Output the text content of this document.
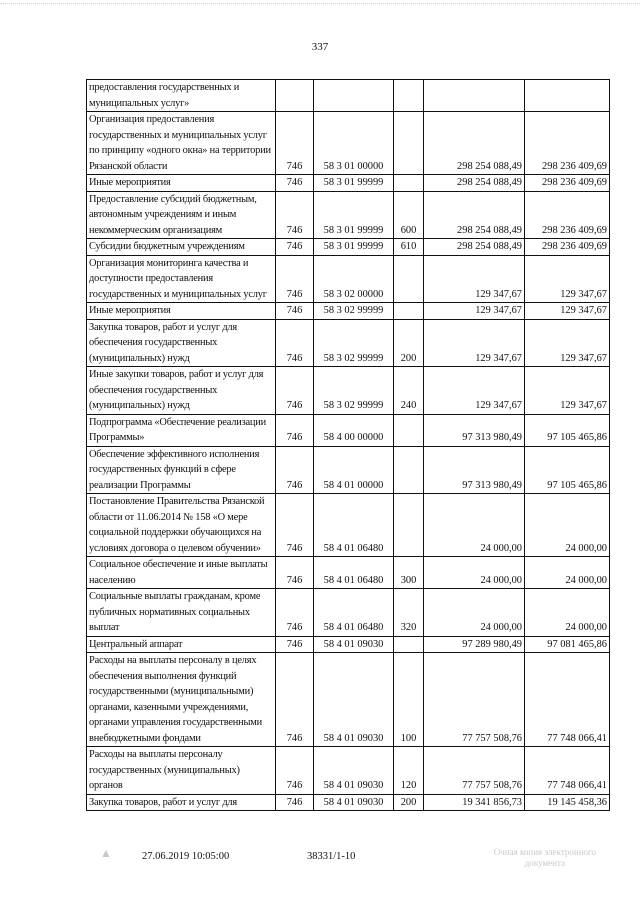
337
предоставления государственных и муниципальных услуг»					
Организация предоставления государственных и муниципальных услуг по принципу «одного окна» на территории Рязанской области	746	58 3 01 00000		298 254 088,49	298 236 409,69
Иные мероприятия	746	58 3 01 99999		298 254 088,49	298 236 409,69
Предоставление субсидий бюджетным, автономным учреждениям и иным некоммерческим организациям	746	58 3 01 99999	600	298 254 088,49	298 236 409,69
Субсидии бюджетным учреждениям	746	58 3 01 99999	610	298 254 088,49	298 236 409,69
Организация мониторинга качества и доступности предоставления государственных и муниципальных услуг	746	58 3 02 00000		129 347,67	129 347,67
Иные мероприятия	746	58 3 02 99999		129 347,67	129 347,67
Закупка товаров, работ и услуг для обеспечения государственных (муниципальных) нужд	746	58 3 02 99999	200	129 347,67	129 347,67
Иные закупки товаров, работ и услуг для обеспечения государственных (муниципальных) нужд	746	58 3 02 99999	240	129 347,67	129 347,67
Подпрограмма «Обеспечение реализации Программы»	746	58 4 00 00000		97 313 980,49	97 105 465,86
Обеспечение эффективного исполнения государственных функций в сфере реализации Программы	746	58 4 01 00000		97 313 980,49	97 105 465,86
Постановление Правительства Рязанской области от 11.06.2014 № 158 «О мере социальной поддержки обучающихся на условиях договора о целевом обучении»	746	58 4 01 06480		24 000,00	24 000,00
Социальное обеспечение и иные выплаты населению	746	58 4 01 06480	300	24 000,00	24 000,00
Социальные выплаты гражданам, кроме публичных нормативных социальных выплат	746	58 4 01 06480	320	24 000,00	24 000,00
Центральный аппарат	746	58 4 01 09030		97 289 980,49	97 081 465,86
Расходы на выплаты персоналу в целях обеспечения выполнения функций государственными (муниципальными) органами, казенными учреждениями, органами управления государственными внебюджетными фондами	746	58 4 01 09030	100	77 757 508,76	77 748 066,41
Расходы на выплаты персоналу государственных (муниципальных) органов	746	58 4 01 09030	120	77 757 508,76	77 748 066,41
Закупка товаров, работ и услуг для	746	58 4 01 09030	200	19 341 856,73	19 145 458,36
▲	27.06.2019 10:05:00	38331/1-10	Очная копия электронного
документа
